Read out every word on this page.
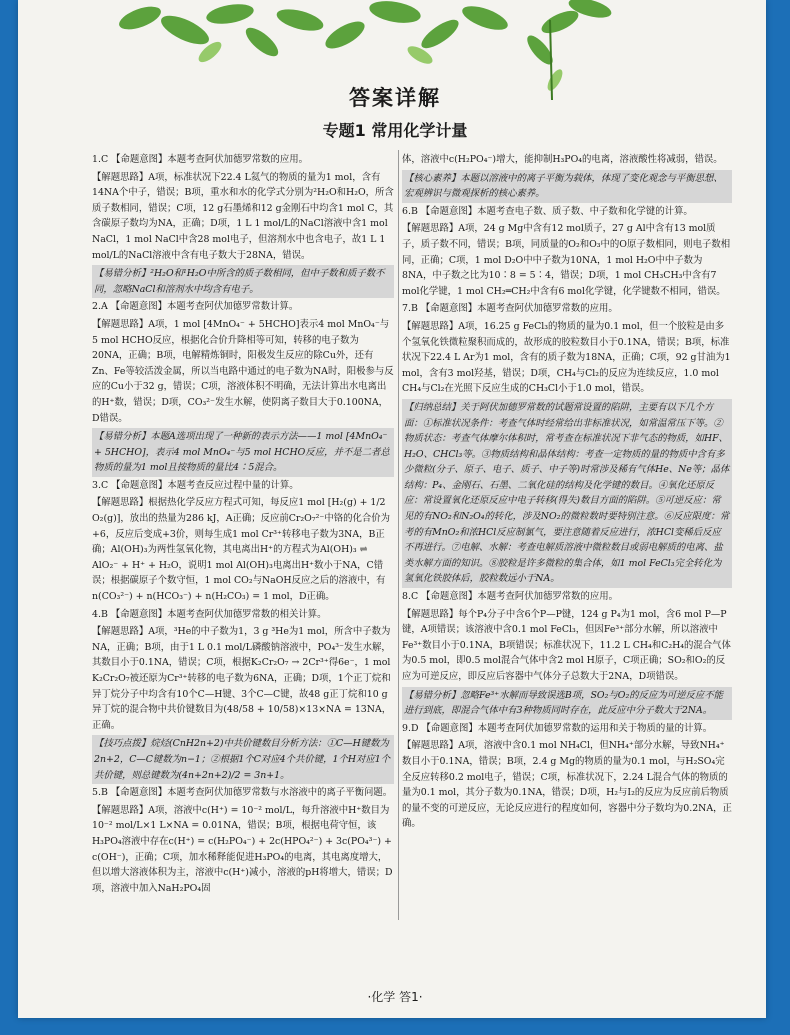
答案详解
专题1 常用化学计量
1.C 【命题意图】本题考查阿伏加德罗常数的应用。
【解题思路】A项，标准状况下22.4 L氦气的物质的量为1 mol，含有14NA个中子，错误；B项，重水和水的化学式分别为²H₂O和H₂O，所含质子数相同，错误；C项，12 g石墨烯和12 g金刚石中均含1 mol C，其含碳原子数均为NA，正确；D项，1 L 1 mol/L的NaCl溶液中含1 mol NaCl，1 mol NaCl中含28 mol电子，但溶剂水中也含电子，故1 L 1 mol/L的NaCl溶液中含有电子数大于28NA，错误。
【易错分析】²H₂O和¹H₂O中所含的质子数相同，但中子数和质子数不同，忽略NaCl和溶剂水中均含有电子。
2.A 【命题意图】本题考查阿伏加德罗常数计算。
【解题思路】A项，1 mol [4MnO₄⁻ + 5HCHO]表示4 mol MnO₄⁻与5 mol HCHO反应，根据化合价升降相等可知，转移的电子数为20NA，正确；B项，电解精炼铜时，阳极发生反应的除Cu外，还有Zn、Fe等较活泼金属，所以当电路中通过的电子数为NA时，阳极参与反应的Cu小于32 g，错误；C项，溶液体积不明确，无法计算出水电离出的H⁺数，错误；D项，CO₃²⁻发生水解，使阴离子数目大于0.100NA，D错误。
【易错分析】本题A选项出现了一种新的表示方法——1 mol [4MnO₄⁻ + 5HCHO]，表示4 mol MnO₄⁻与5 mol HCHO反应，并不是二者总物质的量为1 mol且按物质的量比4∶5混合。
3.C 【命题意图】本题考查反应过程中量的计算。
【解题思路】根据热化学反应方程式可知，每反应1 mol [H₂(g) + 1/2 O₂(g)]，放出的热量为286 kJ，A正确；反应前Cr₂O₇²⁻中铬的化合价为+6，反应后变成+3价，则每生成1 mol Cr³⁺转移电子数为3NA，B正确；Al(OH)₃为两性氢氧化物，其电离出H⁺的方程式为Al(OH)₃ ⇌ AlO₂⁻ + H⁺ + H₂O，说明1 mol Al(OH)₃电离出H⁺数小于NA，C错误；根据碳原子个数守恒，1 mol CO₂与NaOH反应之后的溶液中，有n(CO₃²⁻) + n(HCO₃⁻) + n(H₂CO₃) = 1 mol，D正确。
4.B 【命题意图】本题考查阿伏加德罗常数的相关计算。
【解题思路】A项，³He的中子数为1，3 g ³He为1 mol，所含中子数为NA，正确；B项，由于1 L 0.1 mol/L磷酸钠溶液中，PO₄³⁻发生水解，其数目小于0.1NA，错误；C项，根据K₂Cr₂O₇ → 2Cr³⁺得6e⁻，1 mol K₂Cr₂O₇被还原为Cr³⁺转移的电子数为6NA，正确；D项，1个正丁烷和异丁烷分子中均含有10个C—H键、3个C—C键，故48 g正丁烷和10 g异丁烷的混合物中共价键数目为(48/58 + 10/58)×13×NA = 13NA，正确。
【技巧点拨】烷烃(CnH2n+2)中共价键数目分析方法：①C—H键数为2n+2，C—C键数为n−1；②根据1个C对应4个共价键，1个H对应1个共价键，则总键数为(4n+2n+2)/2 = 3n+1。
5.B 【命题意图】本题考查阿伏加德罗常数与水溶液中的离子平衡问题。
【解题思路】A项，溶液中c(H⁺) = 10⁻² mol/L，每升溶液中H⁺数目为10⁻² mol/L×1 L×NA = 0.01NA，错误；B项，根据电荷守恒，该H₃PO₄溶液中存在c(H⁺) = c(H₂PO₄⁻) + 2c(HPO₄²⁻) + 3c(PO₄³⁻) + c(OH⁻)，正确；C项，加水稀释能促进H₃PO₄的电离，其电离度增大，但以增大溶液体积为主，溶液中c(H⁺)减小，溶液的pH将增大，错误；D项，溶液中加入NaH₂PO₄固
体，溶液中c(H₂PO₄⁻)增大，能抑制H₃PO₄的电离，溶液酸性将减弱，错误。
【核心素养】本题以溶液中的离子平衡为载体，体现了变化观念与平衡思想、宏观辨识与微观探析的核心素养。
6.B 【命题意图】本题考查电子数、质子数、中子数和化学键的计算。
【解题思路】A项，24 g Mg中含有12 mol质子，27 g Al中含有13 mol质子，质子数不同，错误；B项，同质量的O₂和O₃中的O原子数相同，则电子数相同，正确；C项，1 mol D₂O中中子数为10NA，1 mol H₂O中中子数为8NA，中子数之比为10∶8 = 5∶4，错误；D项，1 mol CH₃CH₃中含有7 mol化学键，1 mol CH₂═CH₂中含有6 mol化学键，化学键数不相同，错误。
7.B 【命题意图】本题考查阿伏加德罗常数的应用。
【解题思路】A项，16.25 g FeCl₃的物质的量为0.1 mol，但一个胶粒是由多个氢氧化铁微粒聚积而成的，故形成的胶粒数目小于0.1NA，错误；B项，标准状况下22.4 L Ar为1 mol，含有的质子数为18NA，正确；C项，92 g甘油为1 mol，含有3 mol羟基，错误；D项，CH₄与Cl₂的反应为连续反应，1.0 mol CH₄与Cl₂在光照下反应生成的CH₃Cl小于1.0 mol，错误。
【归纳总结】关于阿伏加德罗常数的试题常设置的陷阱，主要有以下几个方面：①标准状况条件：考查气体时经常给出非标准状况，如常温常压下等。②物质状态：考查气体摩尔体积时，常考查在标准状况下非气态的物质，如HF、H₂O、CHCl₃等。③物质结构和晶体结构：考查一定物质的量的物质中含有多少微粒(分子、原子、电子、质子、中子等)时常涉及稀有气体He、Ne等；晶体结构：P₄、金刚石、石墨、二氧化硅的结构及化学键的数目。④氧化还原反应：常设置氧化还原反应中电子转移(得失)数目方面的陷阱。⑤可逆反应：常见的有NO₂和N₂O₄的转化，涉及NO₂的微粒数时要特别注意。⑥反应限度：常考的有MnO₂和浓HCl反应制氯气，要注意随着反应进行，浓HCl变稀后反应不再进行。⑦电解、水解：考查电解质溶液中微粒数目或弱电解质的电离、盐类水解方面的知识。⑧胶粒是许多微粒的集合体，如1 mol FeCl₃完全转化为氢氧化铁胶体后，胶粒数远小于NA。
8.C 【命题意图】本题考查阿伏加德罗常数的应用。
【解题思路】每个P₄分子中含6个P—P键，124 g P₄为1 mol，含6 mol P—P键，A项错误；该溶液中含0.1 mol FeCl₃，但因Fe³⁺部分水解，所以溶液中Fe³⁺数目小于0.1NA，B项错误；标准状况下，11.2 L CH₄和C₂H₄的混合气体为0.5 mol，即0.5 mol混合气体中含2 mol H原子，C项正确；SO₂和O₂的反应为可逆反应，即反应后容器中气体分子总数大于2NA，D项错误。
【易错分析】忽略Fe³⁺水解而导致误选B项，SO₂与O₂的反应为可逆反应不能进行到底，即混合气体中有3种物质同时存在，此反应中分子数大于2NA。
9.D 【命题意图】本题考查阿伏加德罗常数的运用和关于物质的量的计算。
【解题思路】A项，溶液中含0.1 mol NH₄Cl，但NH₄⁺部分水解，导致NH₄⁺数目小于0.1NA，错误；B项，2.4 g Mg的物质的量为0.1 mol，与H₂SO₄完全反应转移0.2 mol电子，错误；C项，标准状况下，2.24 L混合气体的物质的量为0.1 mol，其分子数为0.1NA，错误；D项，H₂与I₂的反应为反应前后物质的量不变的可逆反应，无论反应进行的程度如何，容器中分子数均为0.2NA，正确。
·化学 答1·
